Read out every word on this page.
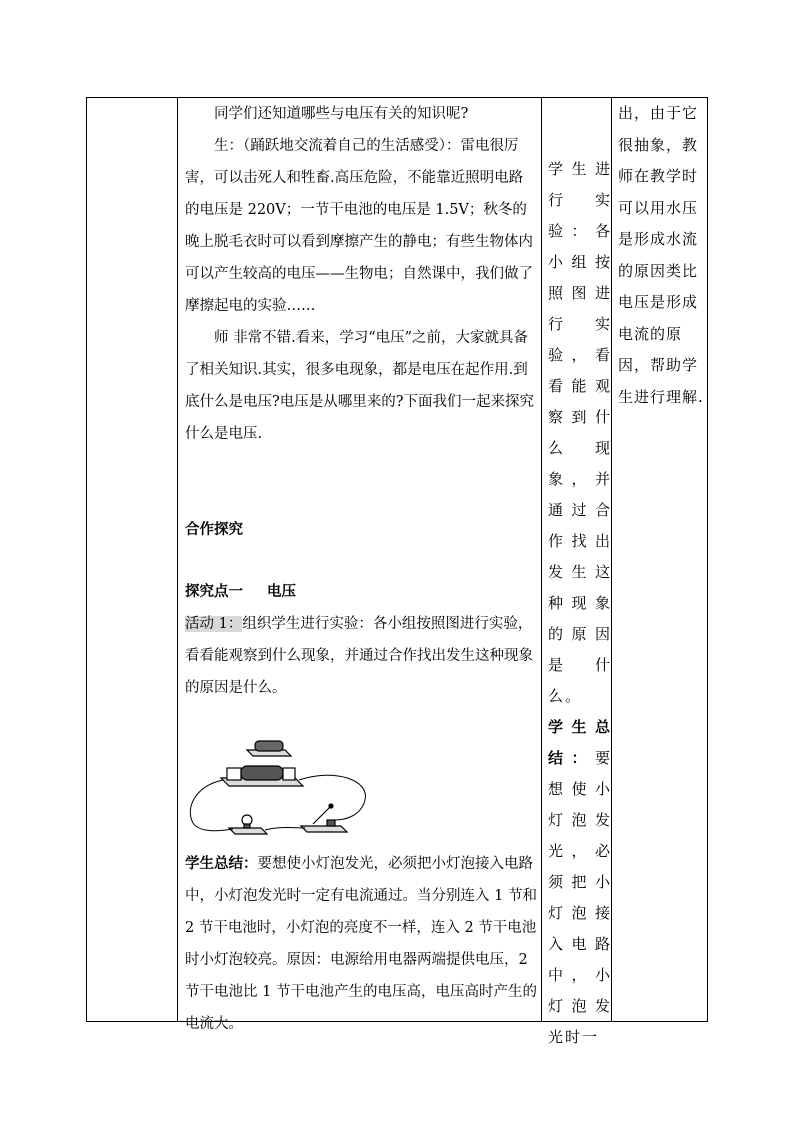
同学们还知道哪些与电压有关的知识呢?

生：（踊跃地交流着自己的生活感受）：雷电很厉害，可以击死人和牲畜.高压危险，不能靠近照明电路的电压是 220V；一节干电池的电压是 1.5V；秋冬的晚上脱毛衣时可以看到摩擦产生的静电；有些生物体内可以产生较高的电压——生物电；自然课中，我们做了摩擦起电的实验……

师 非常不错.看来，学习“电压”之前，大家就具备了相关知识.其实，很多电现象，都是电压在起作用.到底什么是电压?电压是从哪里来的?下面我们一起来探究什么是电压.

合作探究

探究点一 电压

活动 1：组织学生进行实验：各小组按照图进行实验，看看能观察到什么现象，并通过合作找出发生这种现象的原因是什么。

学生总结：要想使小灯泡发光，必须把小灯泡接入电路中，小灯泡发光时一定有电流通过。当分别连入 1 节和 2 节干电池时，小灯泡的亮度不一样，连入 2 节干电池时小灯泡较亮。原因：电源给用电器两端提供电压，2 节干电池比 1 节干电池产生的电压高，电压高时产生的电流大。

学生进行实验：各小组按照图进行实验，看看能观察到什么现象，并通过合作找出发生这种现象的原因是什么。

学生总结：要想使小灯泡发光，必须把小灯泡接入电路中，小灯泡发光时一

出，由于它很抽象，教师在教学时可以用水压是形成水流的原因类比电压是形成电流的原因，帮助学生进行理解.
